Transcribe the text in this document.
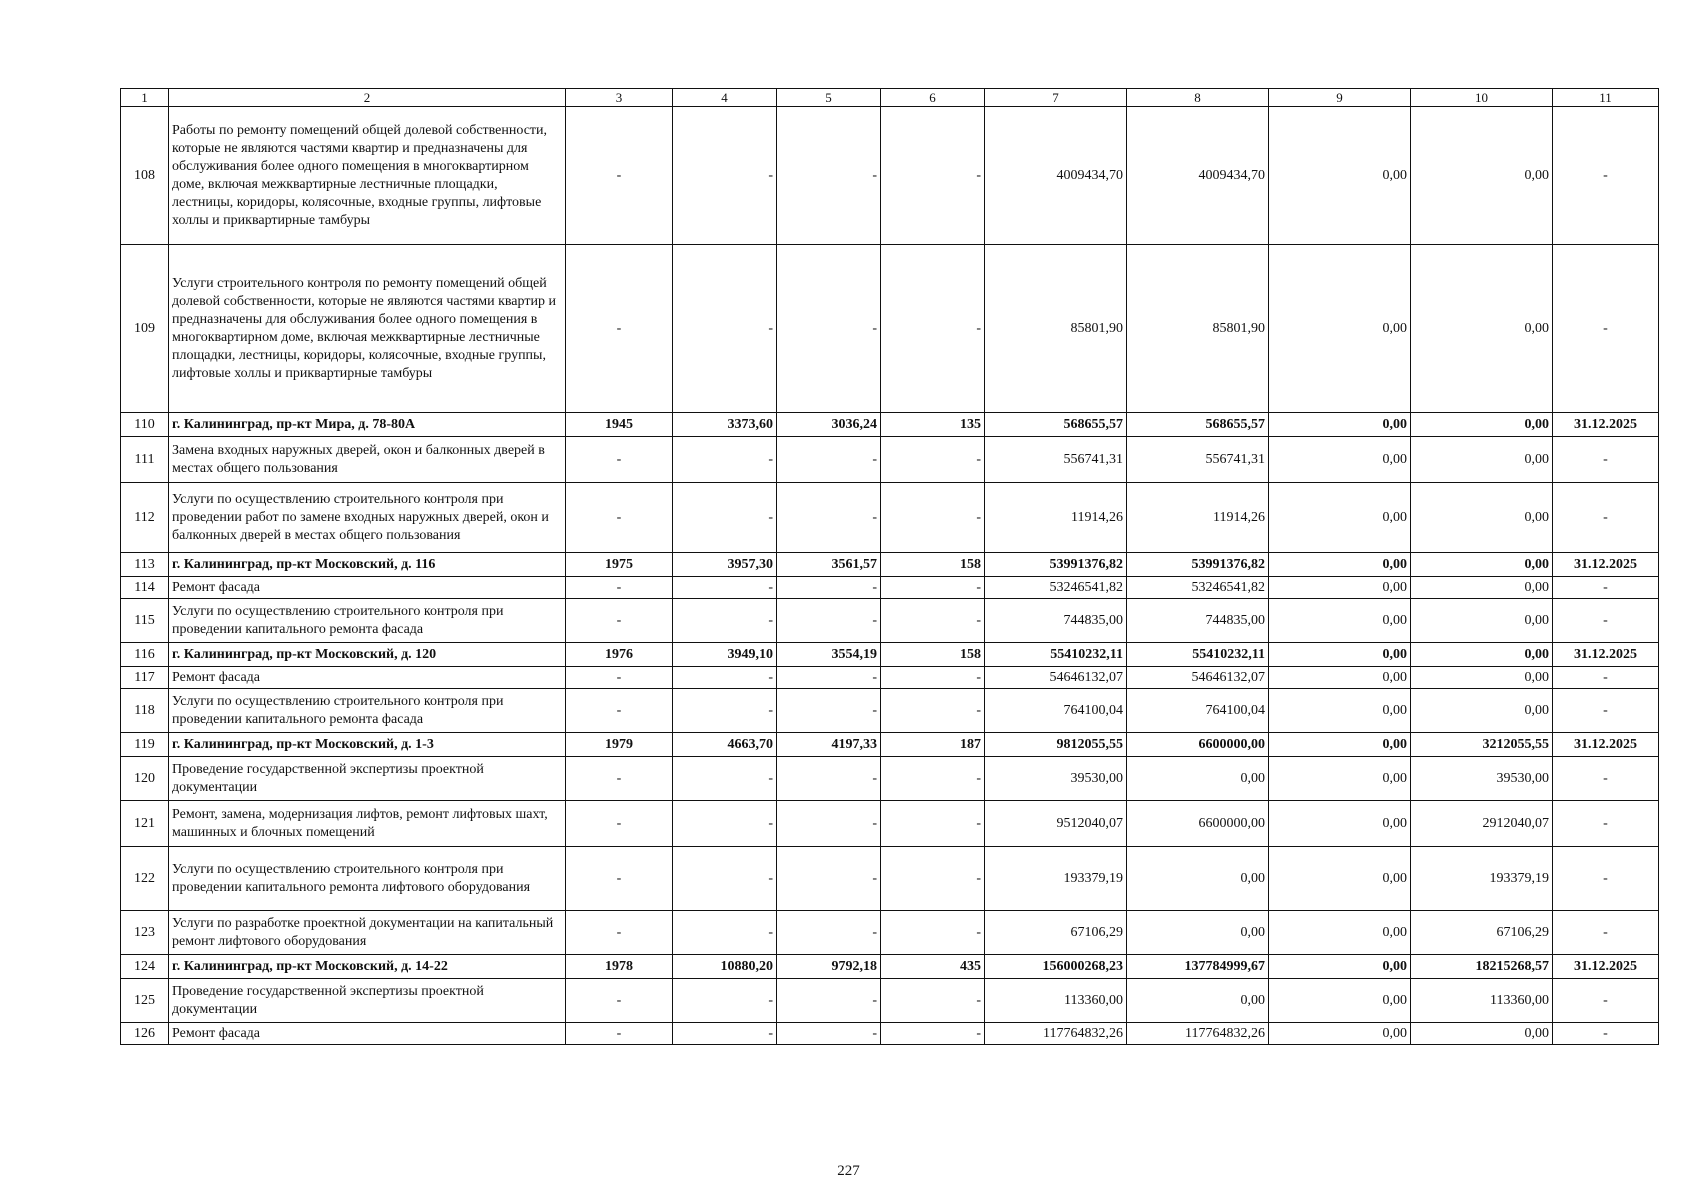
1	2	3	4	5	6	7	8	9	10	11
108	Работы по ремонту помещений общей долевой собственности, которые не являются частями квартир и предназначены для обслуживания более одного помещения в многоквартирном доме, включая межквартирные лестничные площадки, лестницы, коридоры, колясочные, входные группы, лифтовые холлы и приквартирные тамбуры	-	-	-	-	4009434,70	4009434,70	0,00	0,00	-
109	Услуги строительного контроля по ремонту помещений общей долевой собственности, которые не являются частями квартир и предназначены для обслуживания более одного помещения в многоквартирном доме, включая межквартирные лестничные площадки, лестницы, коридоры, колясочные, входные группы, лифтовые холлы и приквартирные тамбуры	-	-	-	-	85801,90	85801,90	0,00	0,00	-
110	г. Калининград, пр-кт Мира, д. 78-80А	1945	3373,60	3036,24	135	568655,57	568655,57	0,00	0,00	31.12.2025
111	Замена входных наружных дверей, окон и балконных дверей в местах общего пользования	-	-	-	-	556741,31	556741,31	0,00	0,00	-
112	Услуги по осуществлению строительного контроля при проведении работ по замене входных наружных дверей, окон и балконных дверей в местах общего пользования	-	-	-	-	11914,26	11914,26	0,00	0,00	-
113	г. Калининград, пр-кт Московский, д. 116	1975	3957,30	3561,57	158	53991376,82	53991376,82	0,00	0,00	31.12.2025
114	Ремонт фасада	-	-	-	-	53246541,82	53246541,82	0,00	0,00	-
115	Услуги по осуществлению строительного контроля при проведении капитального ремонта фасада	-	-	-	-	744835,00	744835,00	0,00	0,00	-
116	г. Калининград, пр-кт Московский, д. 120	1976	3949,10	3554,19	158	55410232,11	55410232,11	0,00	0,00	31.12.2025
117	Ремонт фасада	-	-	-	-	54646132,07	54646132,07	0,00	0,00	-
118	Услуги по осуществлению строительного контроля при проведении капитального ремонта фасада	-	-	-	-	764100,04	764100,04	0,00	0,00	-
119	г. Калининград, пр-кт Московский, д. 1-3	1979	4663,70	4197,33	187	9812055,55	6600000,00	0,00	3212055,55	31.12.2025
120	Проведение государственной экспертизы проектной документации	-	-	-	-	39530,00	0,00	0,00	39530,00	-
121	Ремонт, замена, модернизация лифтов, ремонт лифтовых шахт, машинных и блочных помещений	-	-	-	-	9512040,07	6600000,00	0,00	2912040,07	-
122	Услуги по осуществлению строительного контроля при проведении капитального ремонта лифтового оборудования	-	-	-	-	193379,19	0,00	0,00	193379,19	-
123	Услуги по разработке проектной документации на капитальный ремонт лифтового оборудования	-	-	-	-	67106,29	0,00	0,00	67106,29	-
124	г. Калининград, пр-кт Московский, д. 14-22	1978	10880,20	9792,18	435	156000268,23	137784999,67	0,00	18215268,57	31.12.2025
125	Проведение государственной экспертизы проектной документации	-	-	-	-	113360,00	0,00	0,00	113360,00	-
126	Ремонт фасада	-	-	-	-	117764832,26	117764832,26	0,00	0,00	-
227
